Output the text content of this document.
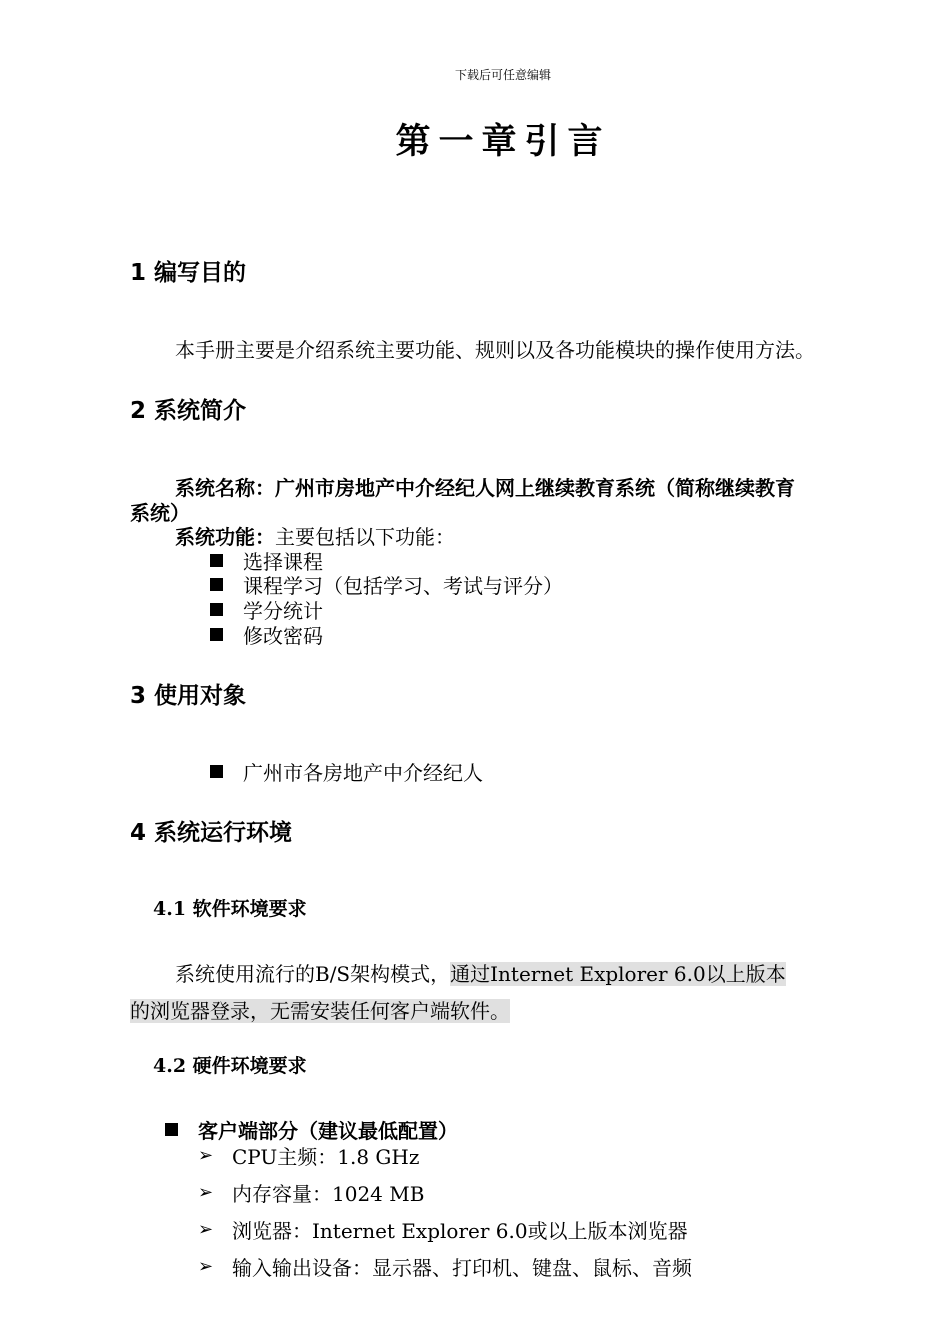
下载后可任意编辑
第一章引言
1 编写目的
本手册主要是介绍系统主要功能、规则以及各功能模块的操作使用方法。
2 系统简介
系统名称：广州市房地产中介经纪人网上继续教育系统（简称继续教育
系统）
系统功能：主要包括以下功能：
选择课程
课程学习（包括学习、考试与评分）
学分统计
修改密码
3 使用对象
广州市各房地产中介经纪人
4 系统运行环境
4.1 软件环境要求
系统使用流行的B/S架构模式，通过Internet Explorer 6.0以上版本
的浏览器登录，无需安装任何客户端软件。
4.2 硬件环境要求
客户端部分（建议最低配置）
➢ CPU主频：1.8 GHz
➢ 内存容量：1024 MB
➢ 浏览器：Internet Explorer 6.0或以上版本浏览器
➢ 输入输出设备：显示器、打印机、键盘、鼠标、音频
